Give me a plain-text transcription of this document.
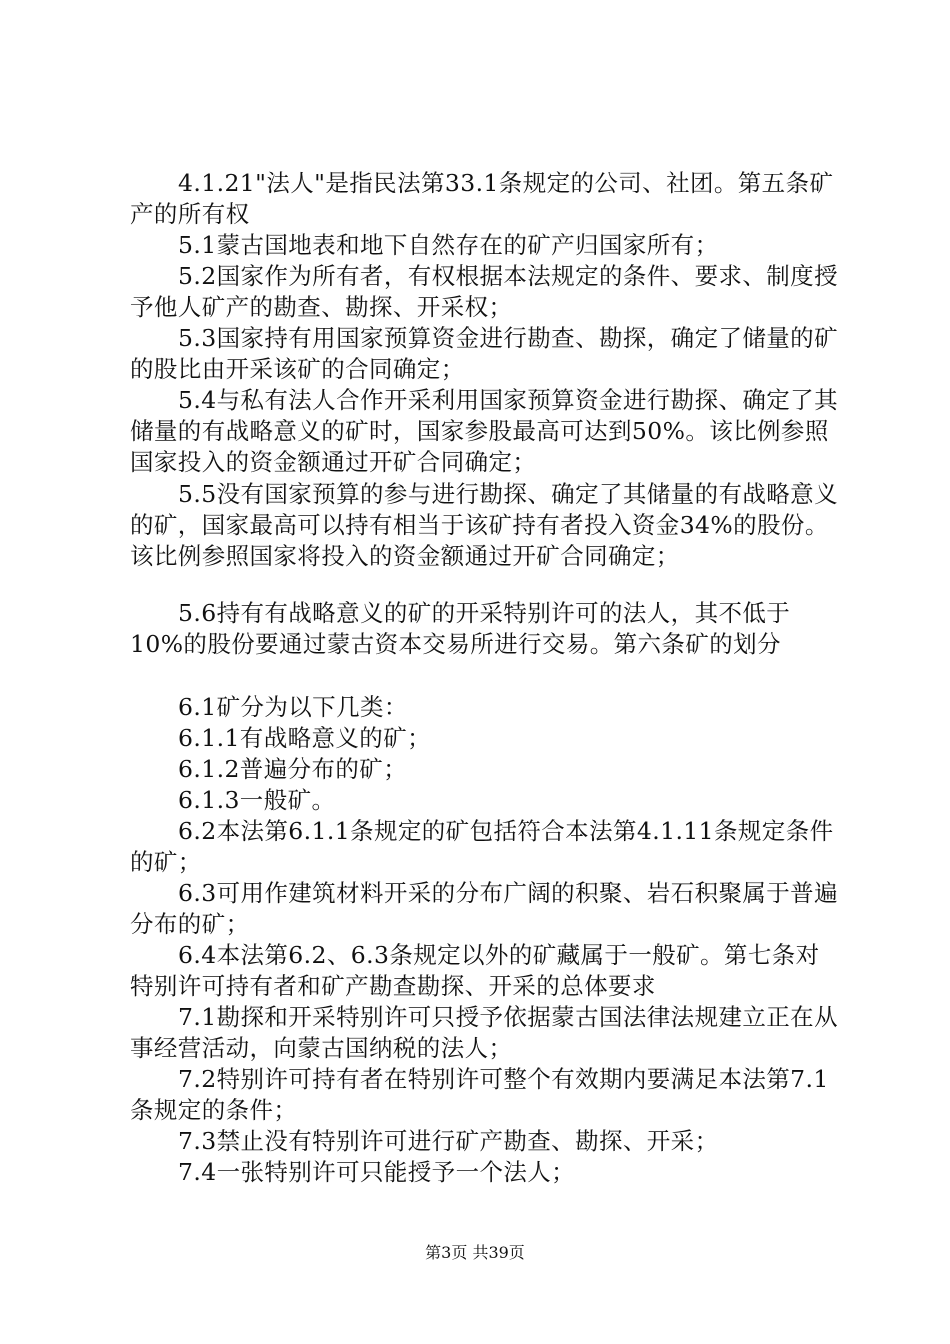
4.1.21"法人"是指民法第33.1条规定的公司、社团。第五条矿产的所有权

5.1蒙古国地表和地下自然存在的矿产归国家所有；

5.2国家作为所有者，有权根据本法规定的条件、要求、制度授予他人矿产的勘查、勘探、开采权；

5.3国家持有用国家预算资金进行勘查、勘探，确定了储量的矿的股比由开采该矿的合同确定；

5.4与私有法人合作开采利用国家预算资金进行勘探、确定了其储量的有战略意义的矿时，国家参股最高可达到50%。该比例参照国家投入的资金额通过开矿合同确定；

5.5没有国家预算的参与进行勘探、确定了其储量的有战略意义的矿，国家最高可以持有相当于该矿持有者投入资金34%的股份。该比例参照国家将投入的资金额通过开矿合同确定；

5.6持有有战略意义的矿的开采特别许可的法人，其不低于10%的股份要通过蒙古资本交易所进行交易。第六条矿的划分

6.1矿分为以下几类：

6.1.1有战略意义的矿；

6.1.2普遍分布的矿；

6.1.3一般矿。

6.2本法第6.1.1条规定的矿包括符合本法第4.1.11条规定条件的矿；

6.3可用作建筑材料开采的分布广阔的积聚、岩石积聚属于普遍分布的矿；

6.4本法第6.2、6.3条规定以外的矿藏属于一般矿。第七条对特别许可持有者和矿产勘查勘探、开采的总体要求

7.1勘探和开采特别许可只授予依据蒙古国法律法规建立正在从事经营活动，向蒙古国纳税的法人；

7.2特别许可持有者在特别许可整个有效期内要满足本法第7.1条规定的条件；

7.3禁止没有特别许可进行矿产勘查、勘探、开采；

7.4一张特别许可只能授予一个法人；

第3页 共39页
